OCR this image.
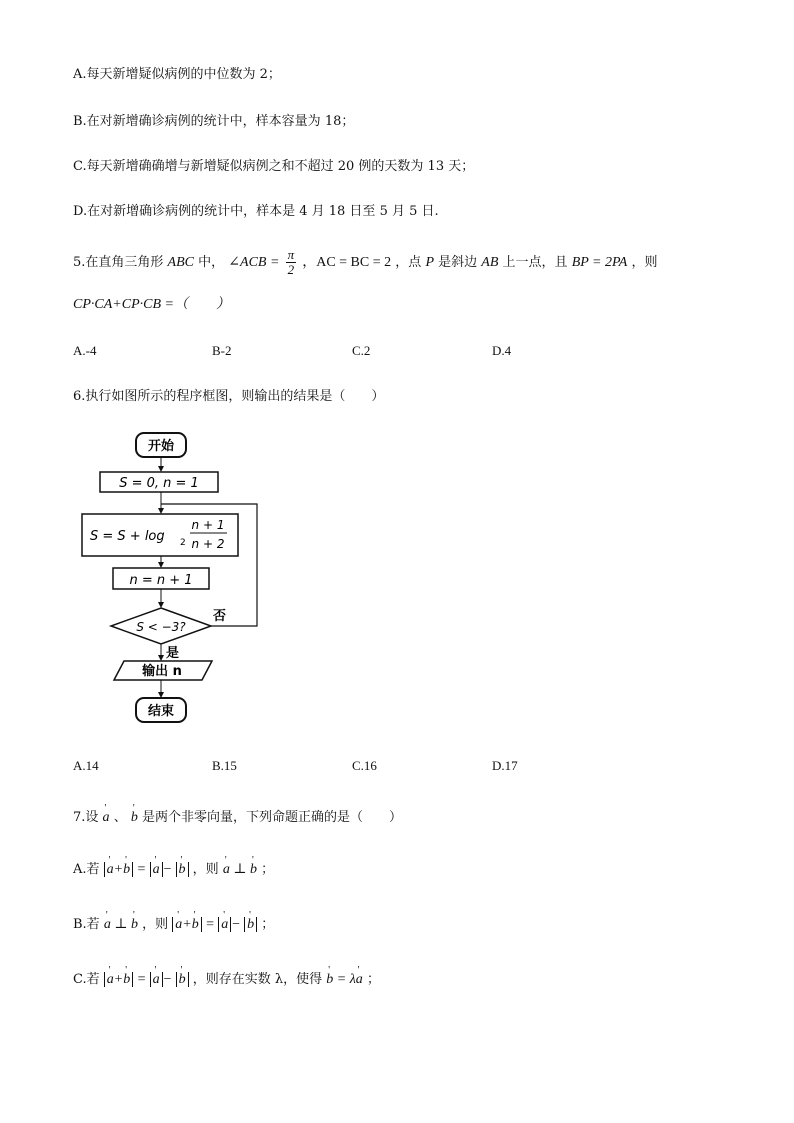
A.每天新增疑似病例的中位数为 2；
B.在对新增确诊病例的统计中，样本容量为 18；
C.每天新增确确增与新增疑似病例之和不超过 20 例的天数为 13 天；
D.在对新增确诊病例的统计中，样本是 4 月 18 日至 5 月 5 日.
5.在直角三角形 ABC 中， ∠ACB = $\frac{\pi}{2}$ ，AC = BC = 2 ，点 P 是斜边 AB 上一点，且 BP = 2PA ，则
CP·CA+CP·CB =（　　）
A.-4	B-2	C.2	D.4
6.执行如图所示的程序框图，则输出的结果是（　　）
开始
S = 0, n = 1
S = S + log 2
n + 1
n + 2
n = n + 1
S < −3?
否
是
输出 n
结束
A.14	B.15	C.16	D.17
7.设 ' a 、 ' b 是两个非零向量，下列命题正确的是（　　）
A.若 ' a+' b = ' a − ' b ，则 ' a ⊥ ' b ；
B.若 ' a ⊥ ' b ，则 ' a+' b = ' a − ' b ；
C.若 ' a+' b = ' a − ' b ，则存在实数 λ，使得 ' b = λ' a ；
